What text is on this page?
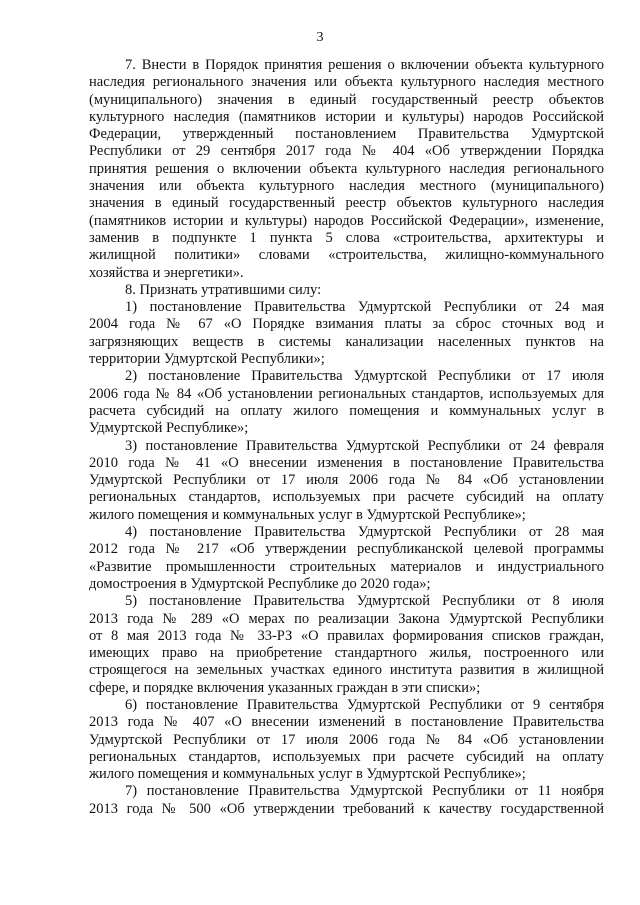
3
7. Внести в Порядок принятия решения о включении объекта культурного
наследия регионального значения или объекта культурного наследия местного
(муниципального) значения в единый государственный реестр объектов
культурного наследия (памятников истории и культуры) народов Российской
Федерации, утвержденный постановлением Правительства Удмуртской
Республики от 29 сентября 2017 года № 404 «Об утверждении Порядка
принятия решения о включении объекта культурного наследия регионального
значения или объекта культурного наследия местного (муниципального)
значения в единый государственный реестр объектов культурного наследия
(памятников истории и культуры) народов Российской Федерации», изменение,
заменив в подпункте 1 пункта 5 слова «строительства, архитектуры и
жилищной политики» словами «строительства, жилищно-коммунального
хозяйства и энергетики».
8. Признать утратившими силу:
1) постановление Правительства Удмуртской Республики от 24 мая
2004 года № 67 «О Порядке взимания платы за сброс сточных вод и
загрязняющих веществ в системы канализации населенных пунктов на
территории Удмуртской Республики»;
2) постановление Правительства Удмуртской Республики от 17 июля
2006 года № 84 «Об установлении региональных стандартов, используемых для
расчета субсидий на оплату жилого помещения и коммунальных услуг в
Удмуртской Республике»;
3) постановление Правительства Удмуртской Республики от 24 февраля
2010 года № 41 «О внесении изменения в постановление Правительства
Удмуртской Республики от 17 июля 2006 года № 84 «Об установлении
региональных стандартов, используемых при расчете субсидий на оплату
жилого помещения и коммунальных услуг в Удмуртской Республике»;
4) постановление Правительства Удмуртской Республики от 28 мая
2012 года № 217 «Об утверждении республиканской целевой программы
«Развитие промышленности строительных материалов и индустриального
домостроения в Удмуртской Республике до 2020 года»;
5) постановление Правительства Удмуртской Республики от 8 июля
2013 года № 289 «О мерах по реализации Закона Удмуртской Республики
от 8 мая 2013 года № 33-РЗ «О правилах формирования списков граждан,
имеющих право на приобретение стандартного жилья, построенного или
строящегося на земельных участках единого института развития в жилищной
сфере, и порядке включения указанных граждан в эти списки»;
6) постановление Правительства Удмуртской Республики от 9 сентября
2013 года № 407 «О внесении изменений в постановление Правительства
Удмуртской Республики от 17 июля 2006 года № 84 «Об установлении
региональных стандартов, используемых при расчете субсидий на оплату
жилого помещения и коммунальных услуг в Удмуртской Республике»;
7) постановление Правительства Удмуртской Республики от 11 ноября
2013 года № 500 «Об утверждении требований к качеству государственной
